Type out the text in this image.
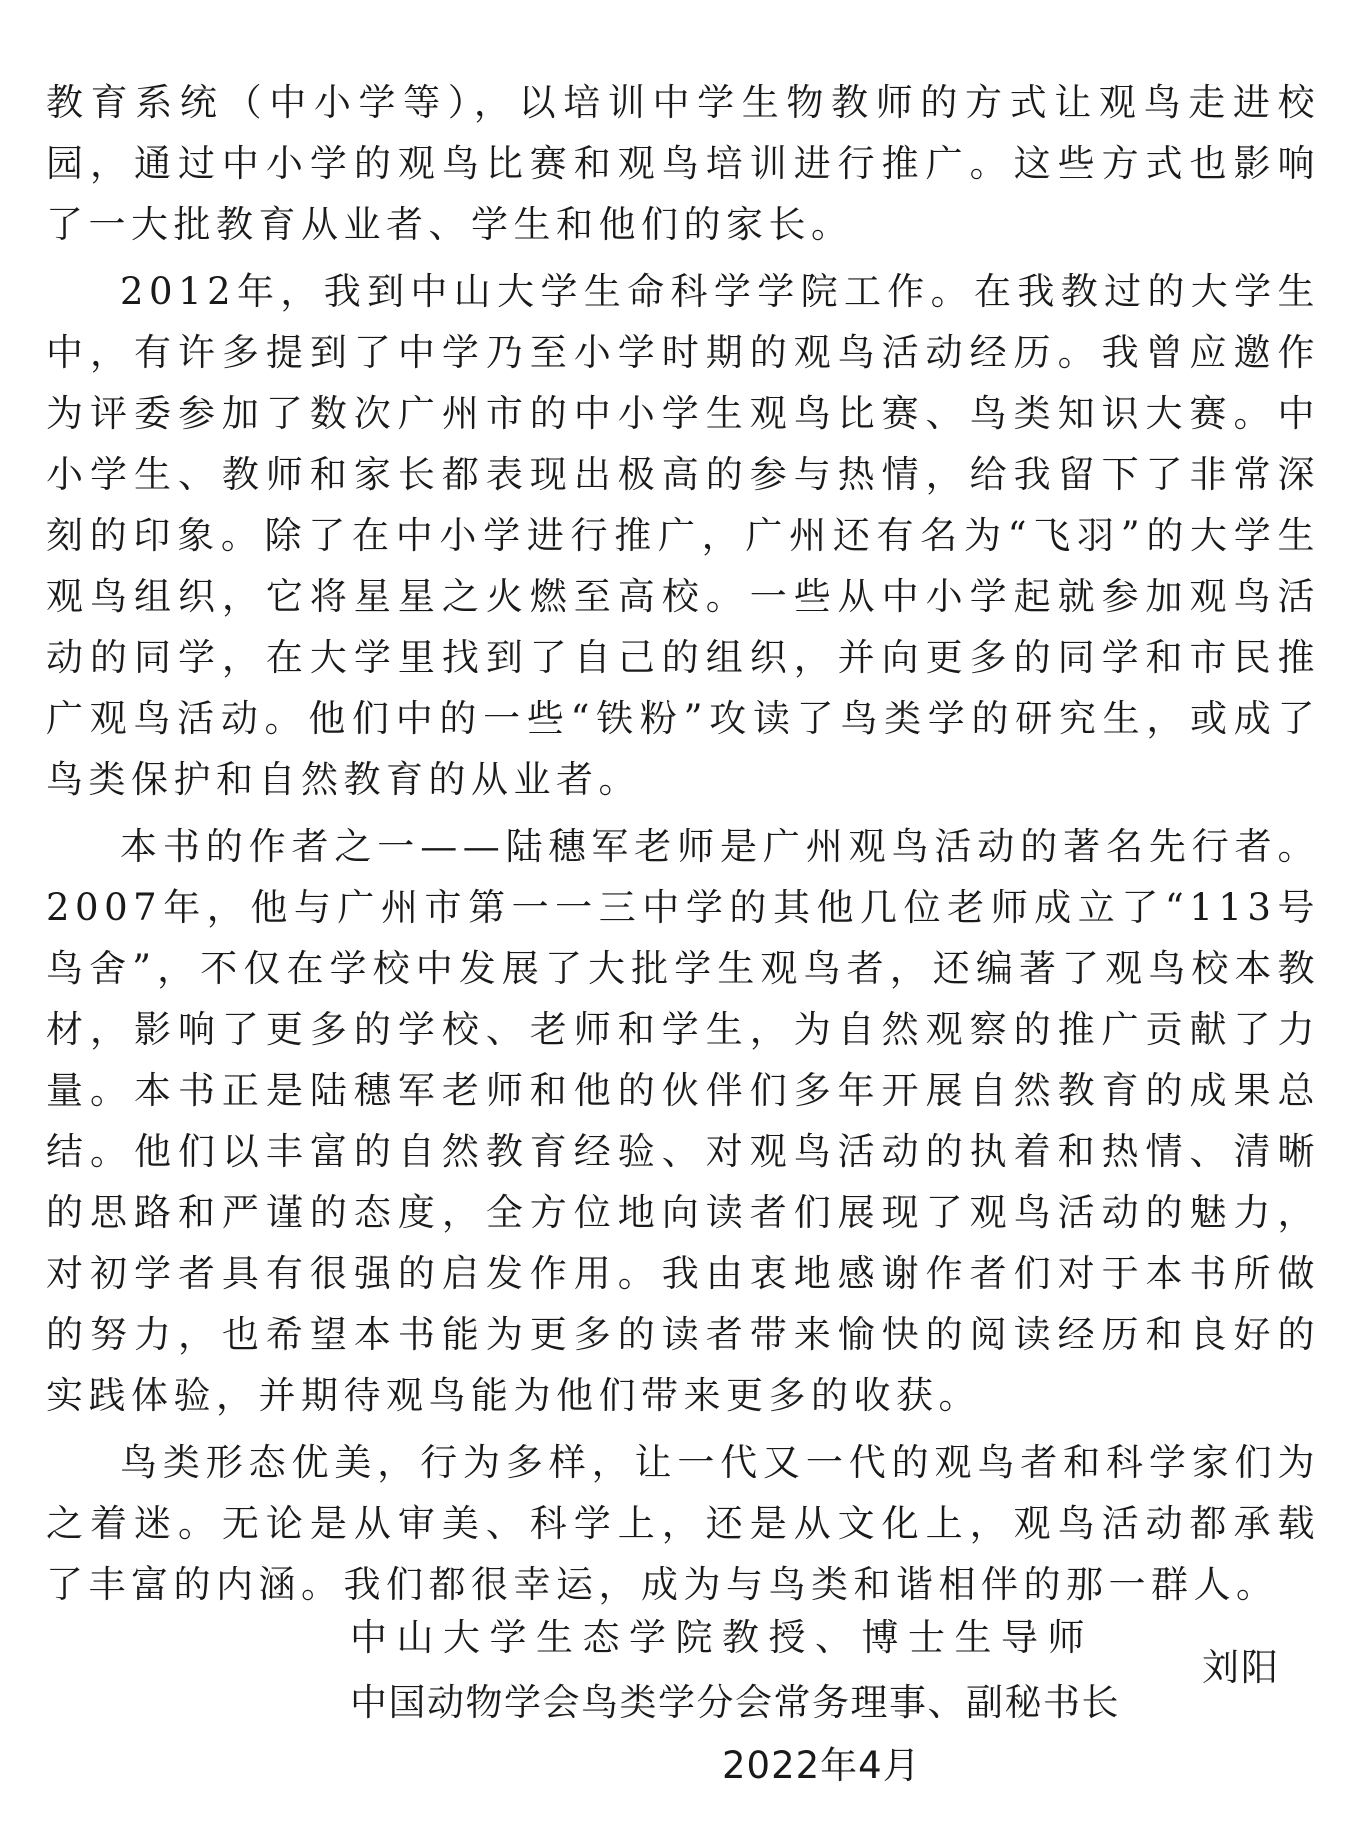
教育系统（中小学等），以培训中学生物教师的方式让观鸟走进校园，通过中小学的观鸟比赛和观鸟培训进行推广。这些方式也影响了一大批教育从业者、学生和他们的家长。

2012年，我到中山大学生命科学学院工作。在我教过的大学生中，有许多提到了中学乃至小学时期的观鸟活动经历。我曾应邀作为评委参加了数次广州市的中小学生观鸟比赛、鸟类知识大赛。中小学生、教师和家长都表现出极高的参与热情，给我留下了非常深刻的印象。除了在中小学进行推广，广州还有名为“飞羽”的大学生观鸟组织，它将星星之火燃至高校。一些从中小学起就参加观鸟活动的同学，在大学里找到了自己的组织，并向更多的同学和市民推广观鸟活动。他们中的一些“铁粉”攻读了鸟类学的研究生，或成了鸟类保护和自然教育的从业者。

本书的作者之一——陆穗军老师是广州观鸟活动的著名先行者。2007年，他与广州市第一一三中学的其他几位老师成立了“113号鸟舍”，不仅在学校中发展了大批学生观鸟者，还编著了观鸟校本教材，影响了更多的学校、老师和学生，为自然观察的推广贡献了力量。本书正是陆穗军老师和他的伙伴们多年开展自然教育的成果总结。他们以丰富的自然教育经验、对观鸟活动的执着和热情、清晰的思路和严谨的态度，全方位地向读者们展现了观鸟活动的魅力，对初学者具有很强的启发作用。我由衷地感谢作者们对于本书所做的努力，也希望本书能为更多的读者带来愉快的阅读经历和良好的实践体验，并期待观鸟能为他们带来更多的收获。

鸟类形态优美，行为多样，让一代又一代的观鸟者和科学家们为之着迷。无论是从审美、科学上，还是从文化上，观鸟活动都承载了丰富的内涵。我们都很幸运，成为与鸟类和谐相伴的那一群人。

中山大学生态学院教授、博士生导师
中国动物学会鸟类学分会常务理事、副秘书长
刘阳
2022年4月
